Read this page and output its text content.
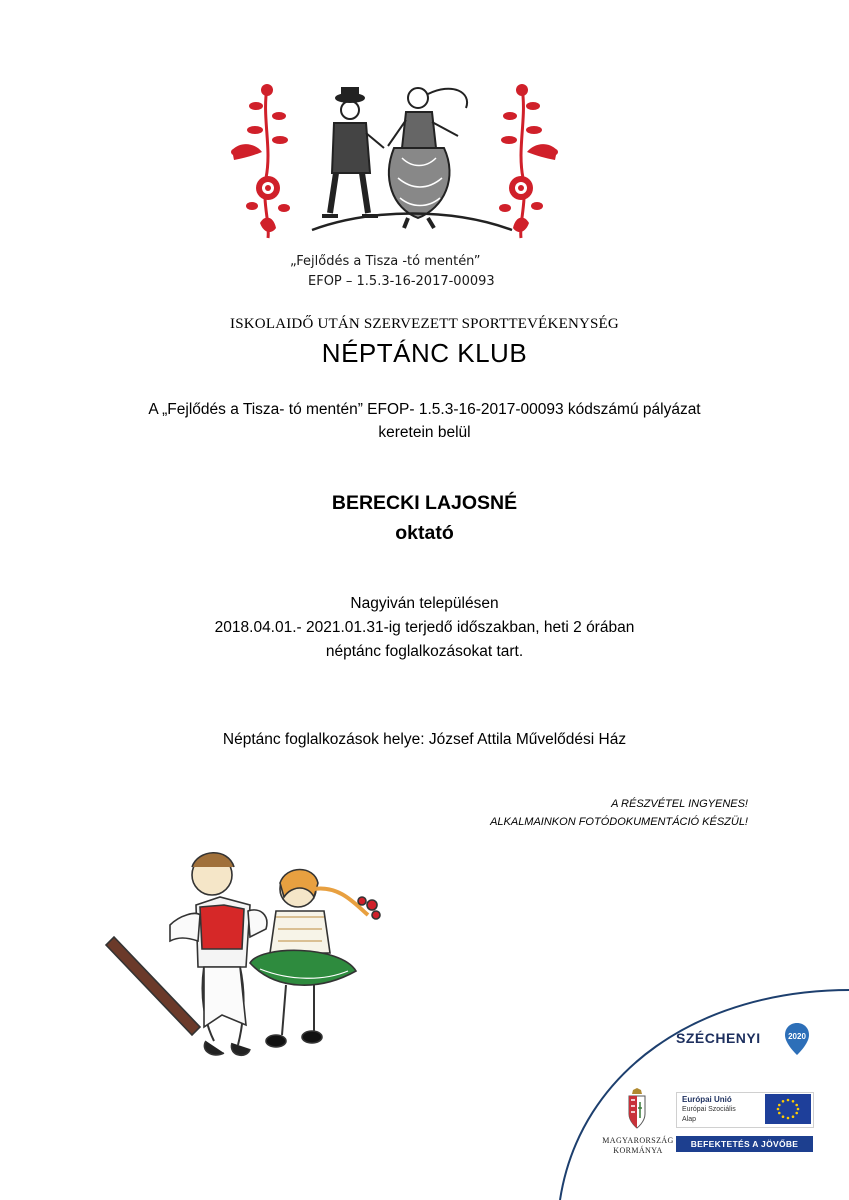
„Fejlődés a Tisza -tó mentén”
EFOP – 1.5.3-16-2017-00093
ISKOLAIDŐ UTÁN SZERVEZETT SPORTTEVÉKENYSÉG
NÉPTÁNC KLUB
A „Fejlődés a Tisza- tó mentén” EFOP- 1.5.3-16-2017-00093 kódszámú pályázat
keretein belül
BERECKI LAJOSNÉ
oktató
Nagyiván településen
2018.04.01.- 2021.01.31-ig terjedő időszakban, heti 2 órában
néptánc foglalkozásokat tart.
Néptánc foglalkozások helye: József Attila Művelődési Ház
A RÉSZVÉTEL INGYENES!
ALKALMAINKON FOTÓDOKUMENTÁCIÓ KÉSZÜL!
SZÉCHENYI	2020
MAGYARORSZÁG
KORMÁNYA
Európai Unió
Európai Szociális
Alap
BEFEKTETÉS A JÖVŐBE
